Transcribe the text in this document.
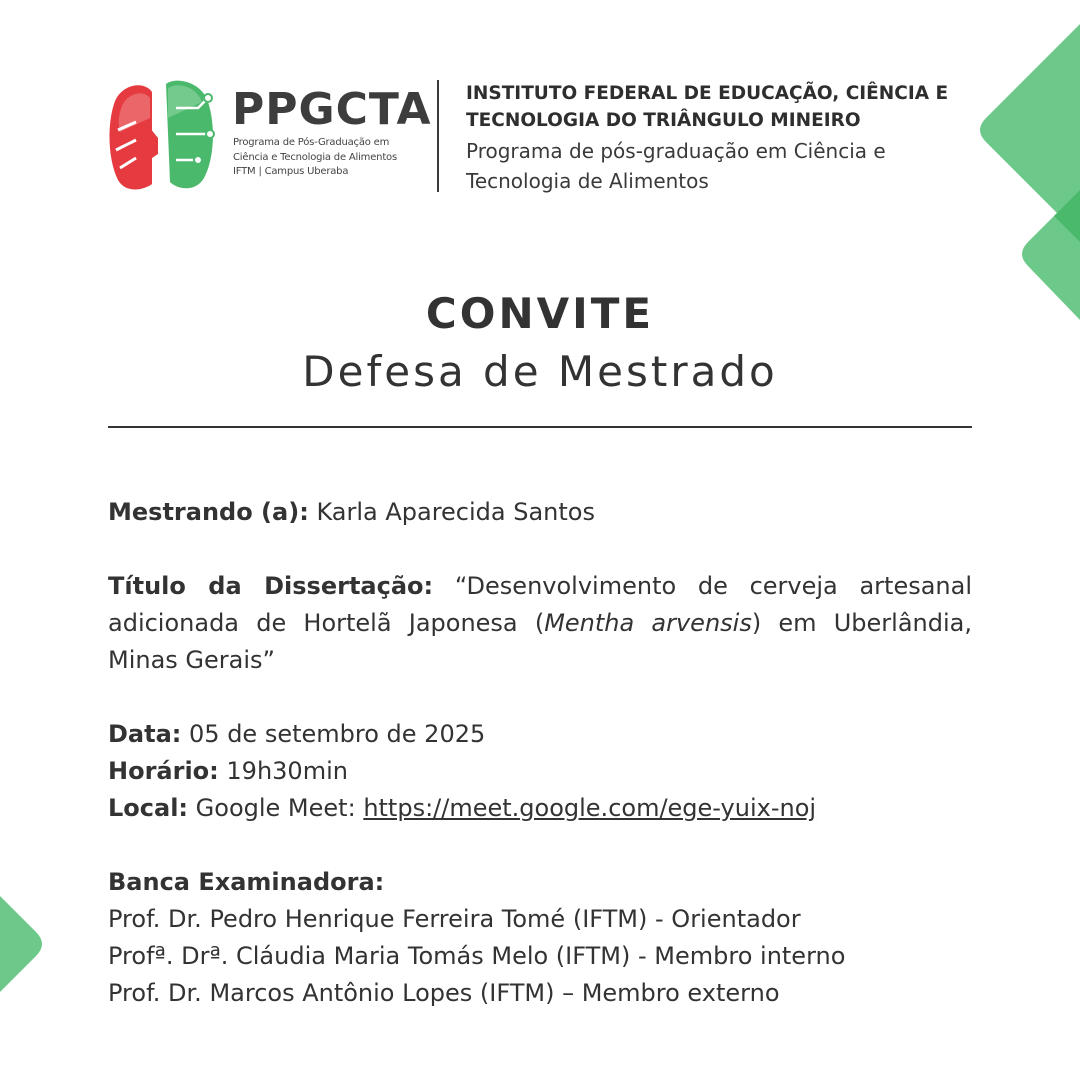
PPGCTA
Programa de Pós-Graduação em
Ciência e Tecnologia de Alimentos
IFTM | Campus Uberaba
INSTITUTO FEDERAL DE EDUCAÇÃO, CIÊNCIA E
TECNOLOGIA DO TRIÂNGULO MINEIRO
Programa de pós-graduação em Ciência e
Tecnologia de Alimentos
CONVITE
Defesa de Mestrado

Mestrando (a): Karla Aparecida Santos

Título da Dissertação: “Desenvolvimento de cerveja artesanal adicionada de Hortelã Japonesa (Mentha arvensis) em Uberlândia, Minas Gerais”

Data: 05 de setembro de 2025

Horário: 19h30min

Local: Google Meet: https://meet.google.com/ege-yuix-noj

Banca Examinadora:

Prof. Dr. Pedro Henrique Ferreira Tomé (IFTM) - Orientador

Profª. Drª. Cláudia Maria Tomás Melo (IFTM) - Membro interno

Prof. Dr. Marcos Antônio Lopes (IFTM) – Membro externo
